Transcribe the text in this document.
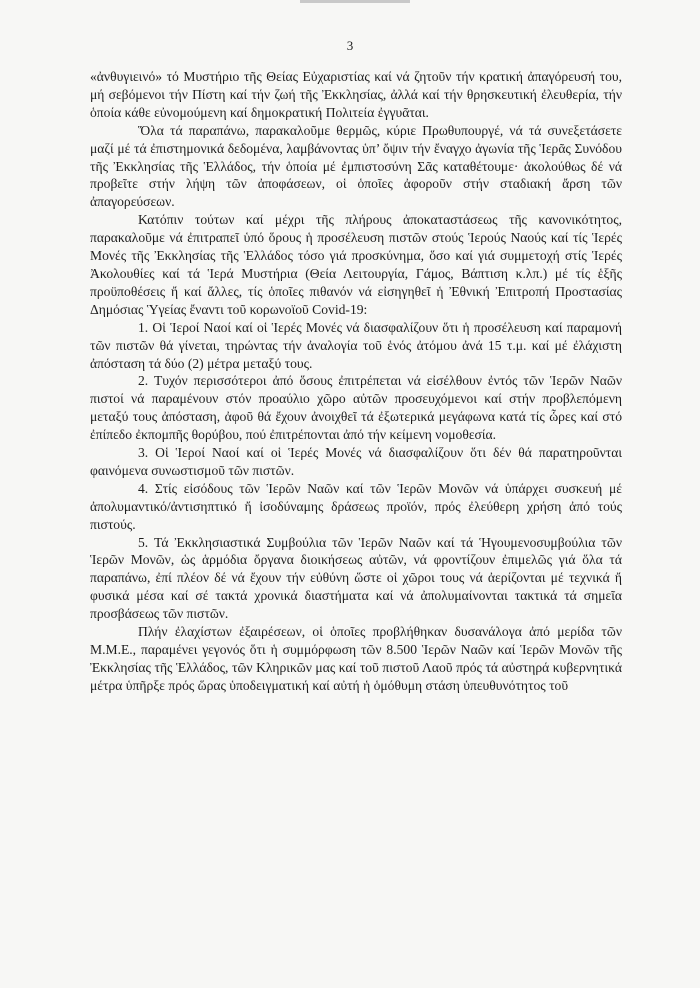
3

«ἀνθυγιεινό» τό Μυστήριο τῆς Θείας Εὐχαριστίας καί νά ζητοῦν τήν κρατική ἀπαγόρευσή του, μή σεβόμενοι τήν Πίστη καί τήν ζωή τῆς Ἐκκλησίας, ἀλλά καί τήν θρησκευτική ἐλευθερία, τήν ὁποία κάθε εὐνομούμενη καί δημοκρατική Πολιτεία ἐγγυᾶται.

Ὅλα τά παραπάνω, παρακαλοῦμε θερμῶς, κύριε Πρωθυπουργέ, νά τά συνεξετάσετε μαζί μέ τά ἐπιστημονικά δεδομένα, λαμβάνοντας ὑπ’ ὄψιν τήν ἔναγχο ἀγωνία τῆς Ἱερᾶς Συνόδου τῆς Ἐκκλησίας τῆς Ἑλλάδος, τήν ὁποία μέ ἐμπιστοσύνη Σᾶς καταθέτουμε· ἀκολούθως δέ νά προβεῖτε στήν λήψη τῶν ἀποφάσεων, οἱ ὁποῖες ἀφοροῦν στήν σταδιακή ἄρση τῶν ἀπαγορεύσεων.

Κατόπιν τούτων καί μέχρι τῆς πλήρους ἀποκαταστάσεως τῆς κανονικότητος, παρακαλοῦμε νά ἐπιτραπεῖ ὑπό ὅρους ἡ προσέλευση πιστῶν στούς Ἱερούς Ναούς καί τίς Ἱερές Μονές τῆς Ἐκκλησίας τῆς Ἑλλάδος τόσο γιά προσκύνημα, ὅσο καί γιά συμμετοχή στίς Ἱερές Ἀκολουθίες καί τά Ἱερά Μυστήρια (Θεία Λειτουργία, Γάμος, Βάπτιση κ.λπ.) μέ τίς ἑξῆς προϋποθέσεις ἤ καί ἄλλες, τίς ὁποῖες πιθανόν νά εἰσηγηθεῖ ἡ Ἐθνική Ἐπιτροπή Προστασίας Δημόσιας Ὑγείας ἔναντι τοῦ κορωνοϊοῦ Covid-19:

1. Οἱ Ἱεροί Ναοί καί οἱ Ἱερές Μονές νά διασφαλίζουν ὅτι ἡ προσέλευση καί παραμονή τῶν πιστῶν θά γίνεται, τηρώντας τήν ἀναλογία τοῦ ἑνός ἀτόμου ἀνά 15 τ.μ. καί μέ ἐλάχιστη ἀπόσταση τά δύο (2) μέτρα μεταξύ τους.

2. Τυχόν περισσότεροι ἀπό ὅσους ἐπιτρέπεται νά εἰσέλθουν ἐντός τῶν Ἱερῶν Ναῶν πιστοί νά παραμένουν στόν προαύλιο χῶρο αὐτῶν προσευχόμενοι καί στήν προβλεπόμενη μεταξύ τους ἀπόσταση, ἀφοῦ θά ἔχουν ἀνοιχθεῖ τά ἐξωτερικά μεγάφωνα κατά τίς ὧρες καί στό ἐπίπεδο ἐκπομπῆς θορύβου, πού ἐπιτρέπονται ἀπό τήν κείμενη νομοθεσία.

3. Οἱ Ἱεροί Ναοί καί οἱ Ἱερές Μονές νά διασφαλίζουν ὅτι δέν θά παρατηροῦνται φαινόμενα συνωστισμοῦ τῶν πιστῶν.

4. Στίς εἰσόδους τῶν Ἱερῶν Ναῶν καί τῶν Ἱερῶν Μονῶν νά ὑπάρχει συσκευή μέ ἀπολυμαντικό/ἀντισηπτικό ἤ ἰσοδύναμης δράσεως προϊόν, πρός ἐλεύθερη χρήση ἀπό τούς πιστούς.

5. Τά Ἐκκλησιαστικά Συμβούλια τῶν Ἱερῶν Ναῶν καί τά Ἡγουμενοσυμβούλια τῶν Ἱερῶν Μονῶν, ὡς ἁρμόδια ὄργανα διοικήσεως αὐτῶν, νά φροντίζουν ἐπιμελῶς γιά ὅλα τά παραπάνω, ἐπί πλέον δέ νά ἔχουν τήν εὐθύνη ὥστε οἱ χῶροι τους νά ἀερίζονται μέ τεχνικά ἤ φυσικά μέσα καί σέ τακτά χρονικά διαστήματα καί νά ἀπολυμαίνονται τακτικά τά σημεῖα προσβάσεως τῶν πιστῶν.

Πλήν ἐλαχίστων ἐξαιρέσεων, οἱ ὁποῖες προβλήθηκαν δυσανάλογα ἀπό μερίδα τῶν Μ.Μ.Ε., παραμένει γεγονός ὅτι ἡ συμμόρφωση τῶν 8.500 Ἱερῶν Ναῶν καί Ἱερῶν Μονῶν τῆς Ἐκκλησίας τῆς Ἑλλάδος, τῶν Κληρικῶν μας καί τοῦ πιστοῦ Λαοῦ πρός τά αὐστηρά κυβερνητικά μέτρα ὑπῆρξε πρός ὥρας ὑποδειγματική καί αὐτή ἡ ὁμόθυμη στάση ὑπευθυνότητος τοῦ
